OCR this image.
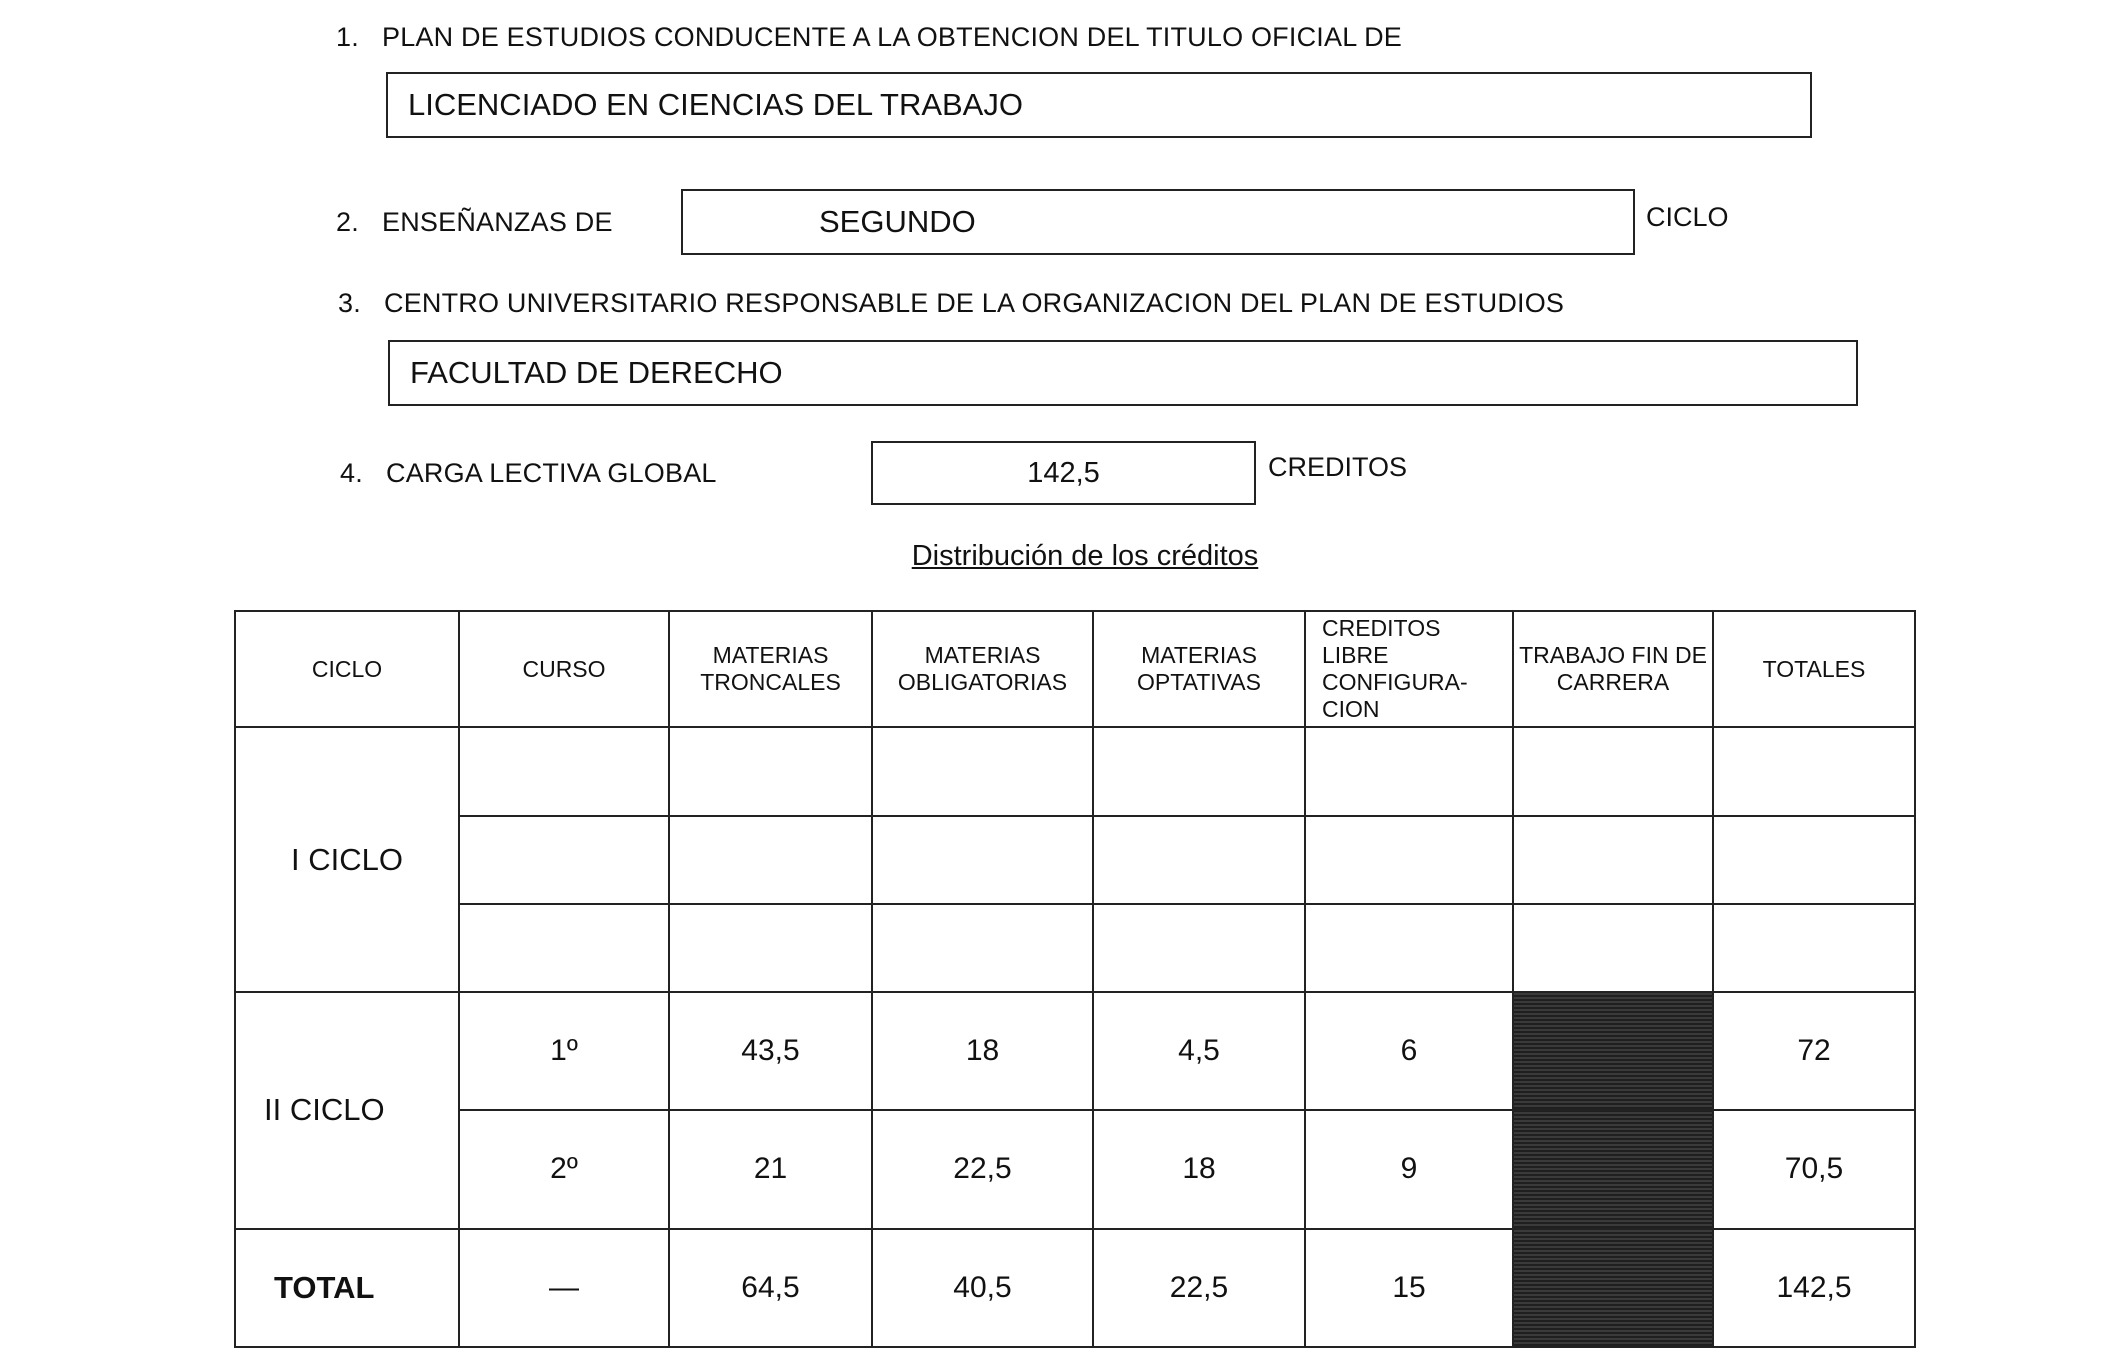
1. PLAN DE ESTUDIOS CONDUCENTE A LA OBTENCION DEL TITULO OFICIAL DE
LICENCIADO EN CIENCIAS DEL TRABAJO
2. ENSEÑANZAS DE	SEGUNDO	CICLO
3. CENTRO UNIVERSITARIO RESPONSABLE DE LA ORGANIZACION DEL PLAN DE ESTUDIOS
FACULTAD DE DERECHO
4. CARGA LECTIVA GLOBAL	142,5	CREDITOS
Distribución de los créditos
CICLO	CURSO	MATERIAS TRONCALES	MATERIAS OBLIGATORIAS	MATERIAS OPTATIVAS	CREDITOS LIBRE CONFIGURA- CION	TRABAJO FIN DE CARRERA	TOTALES
I CICLO							

II CICLO	1º	43,5	18	4,5	6		72
	2º	21	22,5	18	9		70,5
TOTAL	—	64,5	40,5	22,5	15		142,5
